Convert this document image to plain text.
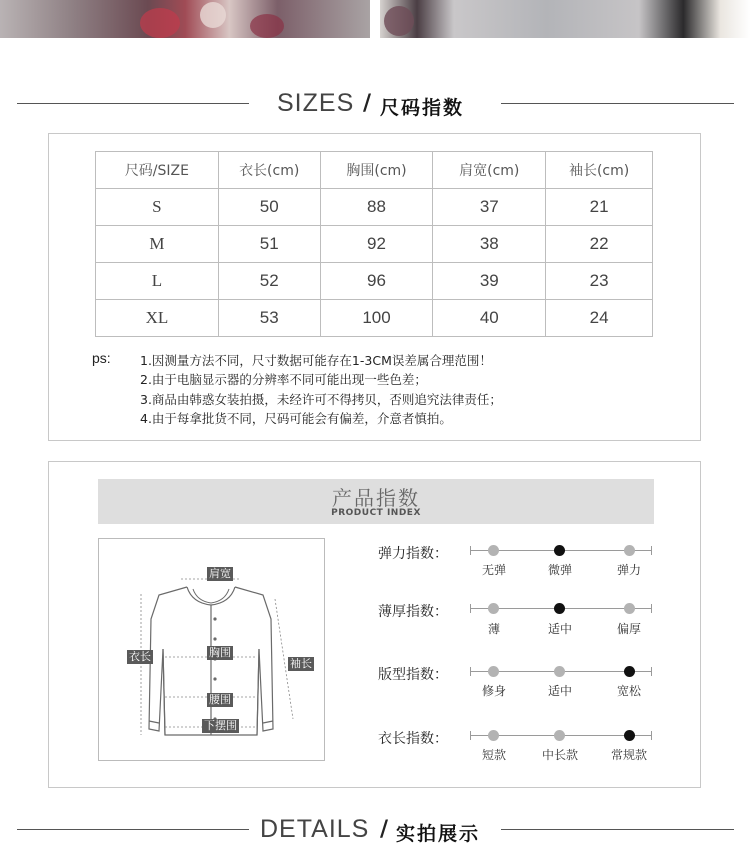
SIZES / 尺码指数
尺码/SIZE	衣长(cm)	胸围(cm)	肩宽(cm)	袖长(cm)
S	50	88	37	21
M	51	92	38	22
L	52	96	39	23
XL	53	100	40	24
ps: 1.因测量方法不同，尺寸数据可能存在1-3CM误差属合理范围！
2.由于电脑显示器的分辨率不同可能出现一些色差；
3.商品由韩惑女装拍摄，未经许可不得拷贝，否则追究法律责任；
4.由于每拿批货不同，尺码可能会有偏差，介意者慎拍。
产品指数
PRODUCT INDEX
肩宽
衣长	胸围
袖长
腰围
下摆围
弹力指数：
无弹	微弹	弹力
薄厚指数：
薄	适中	偏厚
版型指数：
修身	适中	宽松
衣长指数：
短款	中长款	常规款
DETAILS / 实拍展示
